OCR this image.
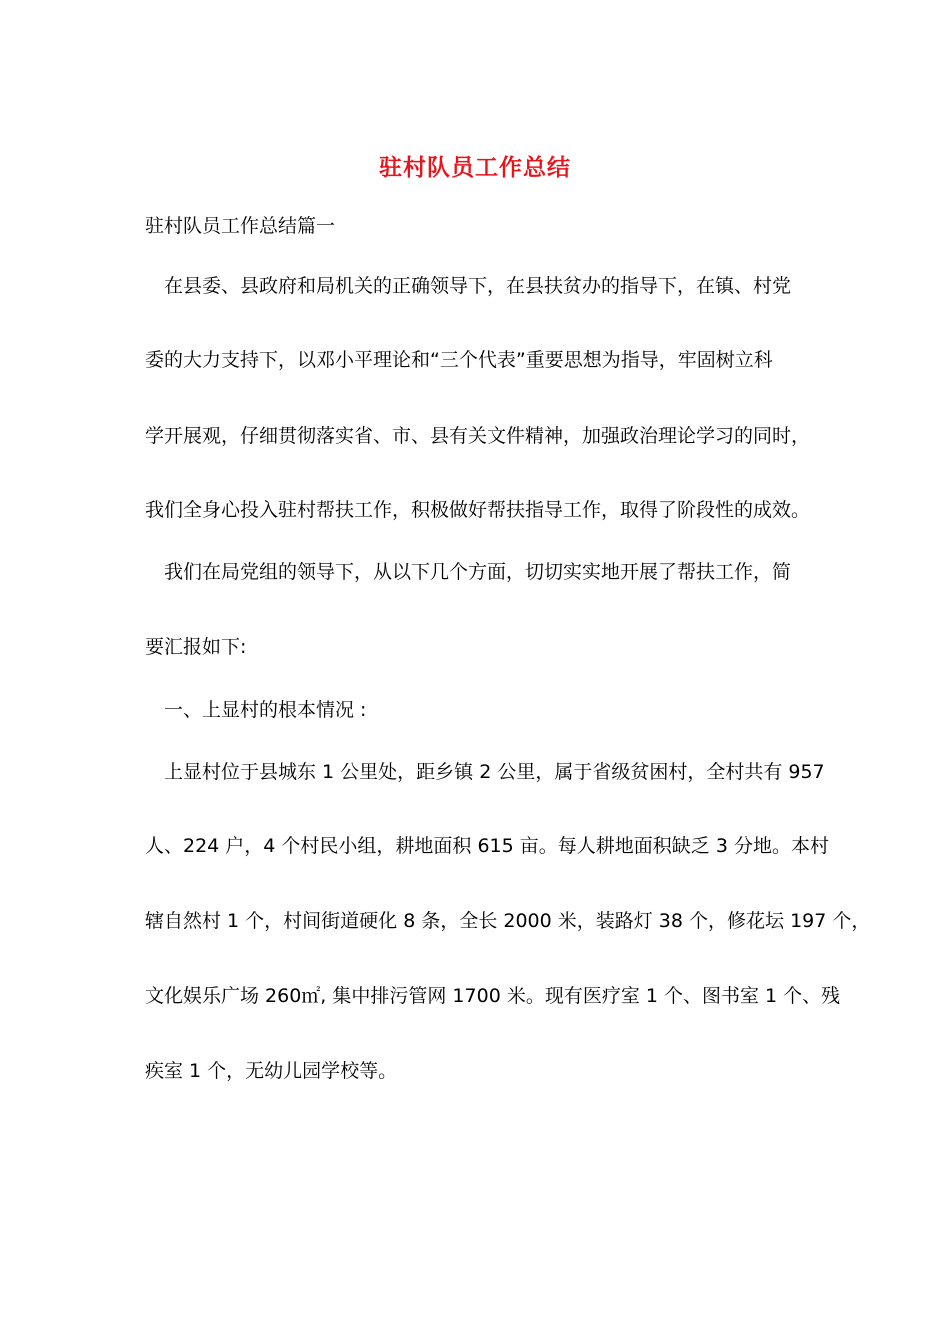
驻村队员工作总结
驻村队员工作总结篇一
在县委、县政府和局机关的正确领导下，在县扶贫办的指导下，在镇、村党
委的大力支持下，以邓小平理论和“三个代表”重要思想为指导，牢固树立科
学开展观，仔细贯彻落实省、市、县有关文件精神，加强政治理论学习的同时，
我们全身心投入驻村帮扶工作，积极做好帮扶指导工作，取得了阶段性的成效。
我们在局党组的领导下，从以下几个方面，切切实实地开展了帮扶工作，简
要汇报如下:
一、上显村的根本情况 :
上显村位于县城东 1 公里处，距乡镇 2 公里，属于省级贫困村，全村共有 957
人、224 户，4 个村民小组，耕地面积 615 亩。每人耕地面积缺乏 3 分地。本村
辖自然村 1 个，村间街道硬化 8 条，全长 2000 米，装路灯 38 个，修花坛 197 个，
文化娱乐广场 260㎡, 集中排污管网 1700 米。现有医疗室 1 个、图书室 1 个、残
疾室 1 个，无幼儿园学校等。
